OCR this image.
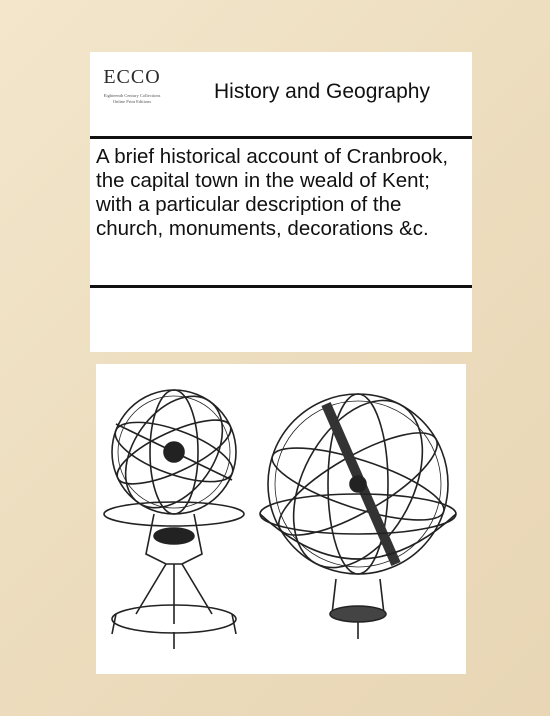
ECCO
Eighteenth Century Collections Online Print Editions	History and Geography
A brief historical account of Cranbrook, the capital town in the weald of Kent; with a particular description of the church, monuments, decorations &c.
